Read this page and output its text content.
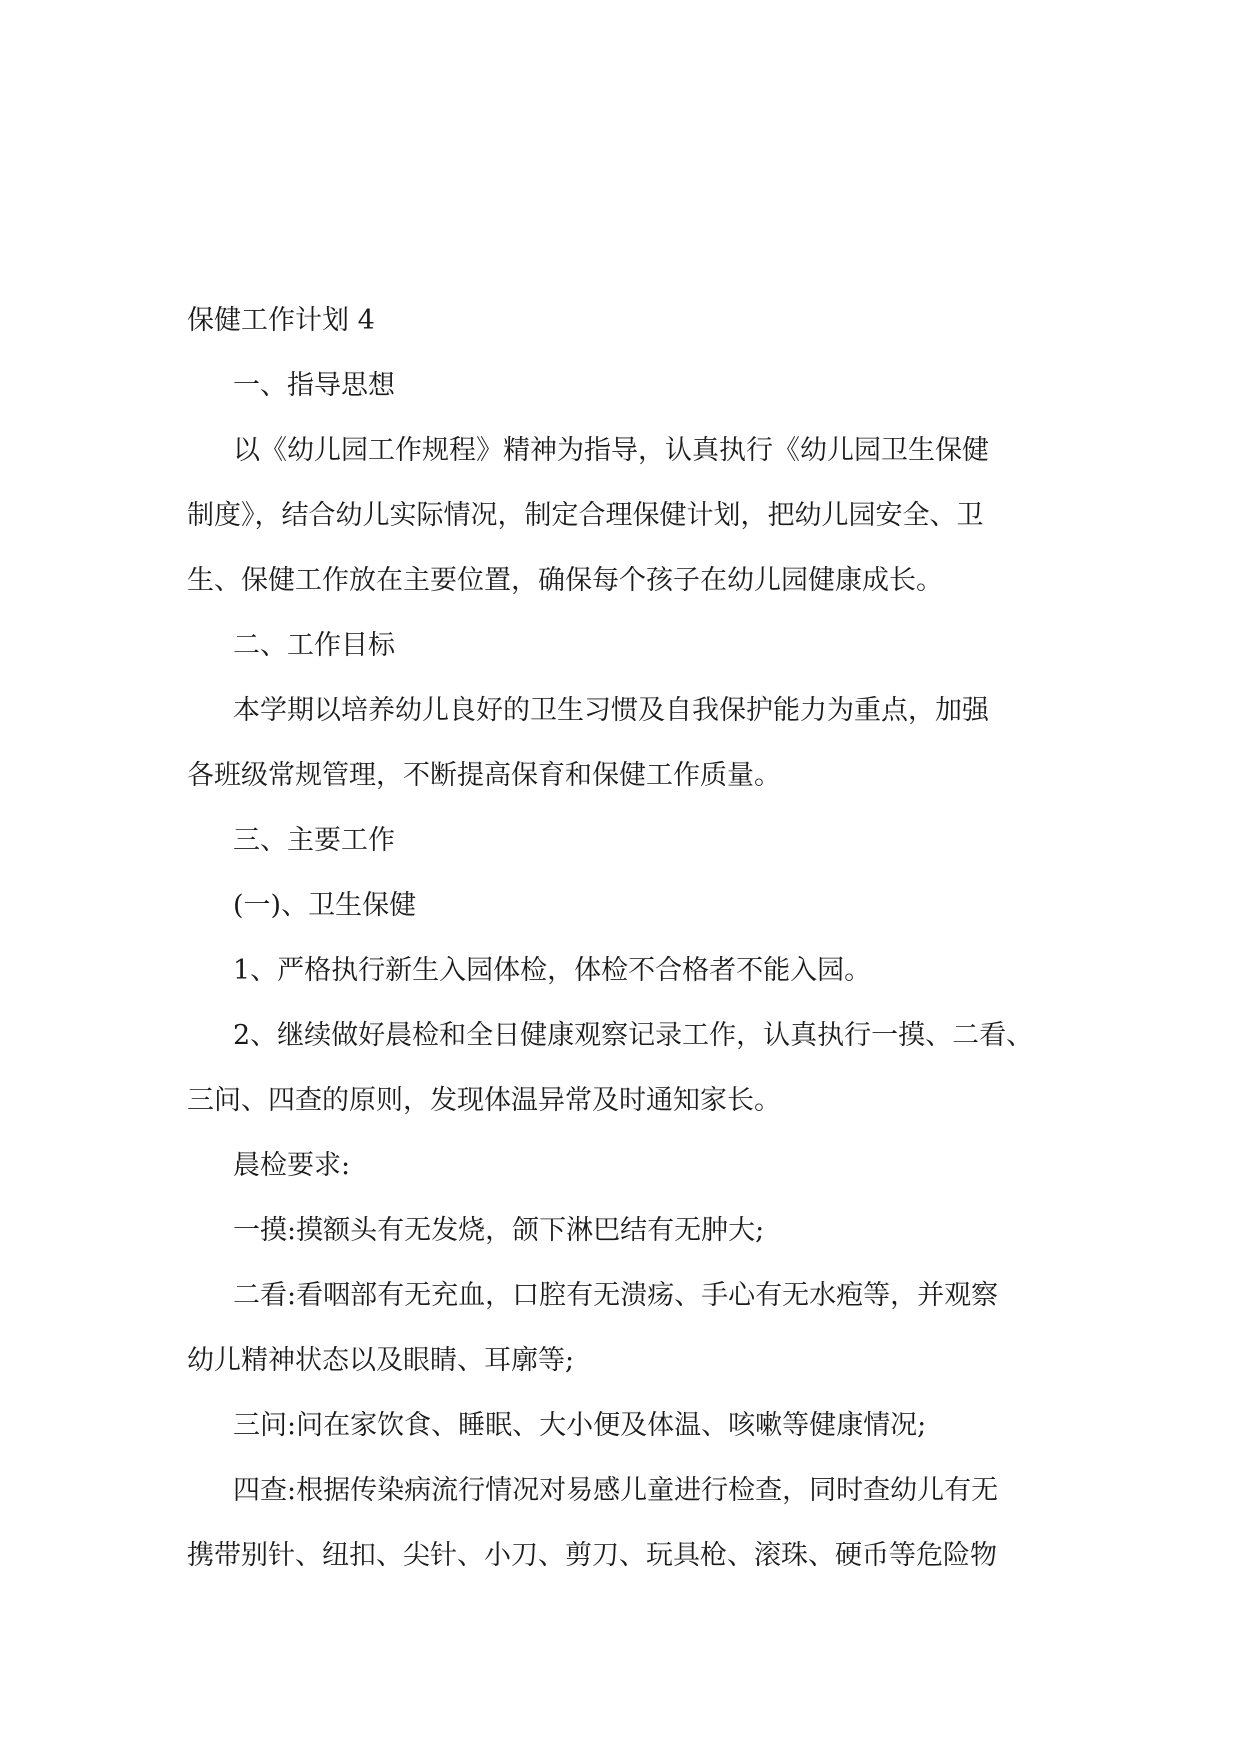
保健工作计划 4

一、指导思想

以《幼儿园工作规程》精神为指导，认真执行《幼儿园卫生保健

制度》，结合幼儿实际情况，制定合理保健计划，把幼儿园安全、卫

生、保健工作放在主要位置，确保每个孩子在幼儿园健康成长。

二、工作目标

本学期以培养幼儿良好的卫生习惯及自我保护能力为重点，加强

各班级常规管理，不断提高保育和保健工作质量。

三、主要工作

(一)、卫生保健

1、严格执行新生入园体检，体检不合格者不能入园。

2、继续做好晨检和全日健康观察记录工作，认真执行一摸、二看、

三问、四查的原则，发现体温异常及时通知家长。

晨检要求:

一摸:摸额头有无发烧，颌下淋巴结有无肿大;

二看:看咽部有无充血，口腔有无溃疡、手心有无水疱等，并观察

幼儿精神状态以及眼睛、耳廓等;

三问:问在家饮食、睡眠、大小便及体温、咳嗽等健康情况;

四查:根据传染病流行情况对易感儿童进行检查，同时查幼儿有无

携带别针、纽扣、尖针、小刀、剪刀、玩具枪、滚珠、硬币等危险物
